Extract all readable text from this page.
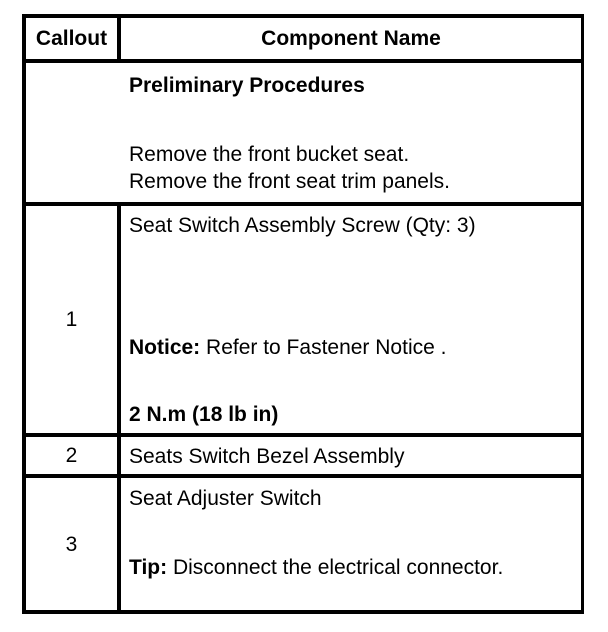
Callout	Component Name
Preliminary Procedures
Remove the front bucket seat.
Remove the front seat trim panels.
1
Seat Switch Assembly Screw (Qty: 3)
Notice: Refer to Fastener Notice .
2 N.m (18 lb in)
2	Seats Switch Bezel Assembly
3
Seat Adjuster Switch
Tip: Disconnect the electrical connector.
